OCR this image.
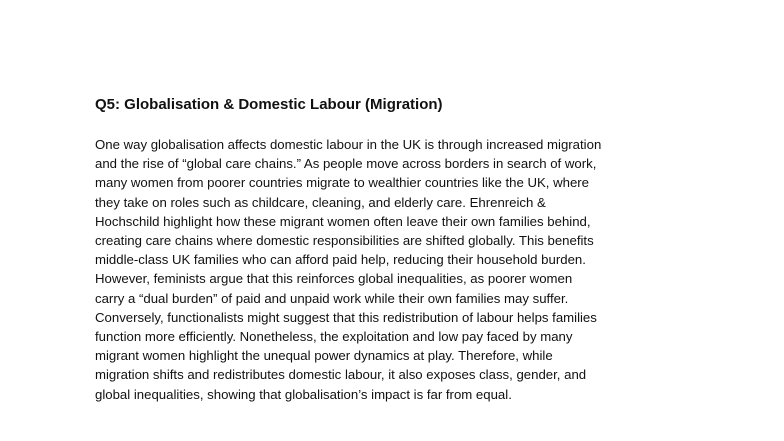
Q5: Globalisation & Domestic Labour (Migration)

One way globalisation affects domestic labour in the UK is through increased migration
and the rise of “global care chains.” As people move across borders in search of work,
many women from poorer countries migrate to wealthier countries like the UK, where
they take on roles such as childcare, cleaning, and elderly care. Ehrenreich &
Hochschild highlight how these migrant women often leave their own families behind,
creating care chains where domestic responsibilities are shifted globally. This benefits
middle-class UK families who can afford paid help, reducing their household burden.
However, feminists argue that this reinforces global inequalities, as poorer women
carry a “dual burden” of paid and unpaid work while their own families may suffer.
Conversely, functionalists might suggest that this redistribution of labour helps families
function more efficiently. Nonetheless, the exploitation and low pay faced by many
migrant women highlight the unequal power dynamics at play. Therefore, while
migration shifts and redistributes domestic labour, it also exposes class, gender, and
global inequalities, showing that globalisation’s impact is far from equal.
